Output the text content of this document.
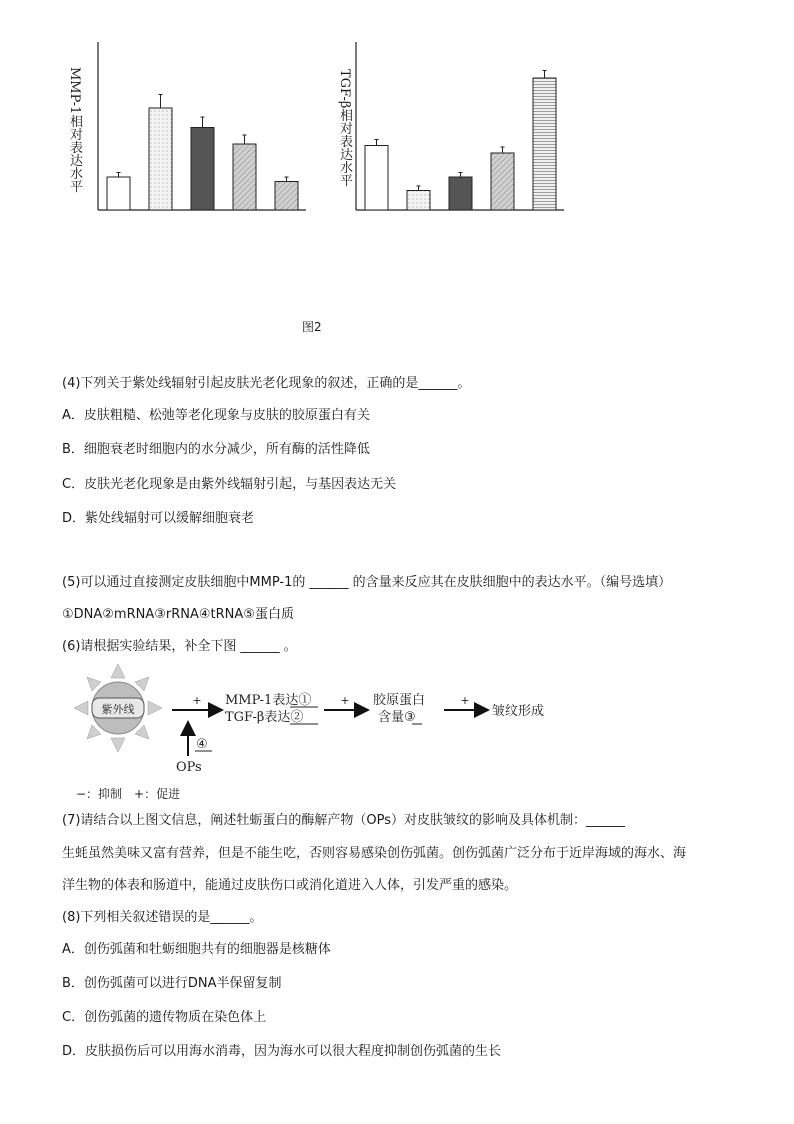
MMP-1相对表达水平	TGF-β相对表达水平
图2
(4)下列关于紫处线辐射引起皮肤光老化现象的叙述，正确的是______。
A．皮肤粗糙、松弛等老化现象与皮肤的胶原蛋白有关
B．细胞衰老时细胞内的水分减少，所有酶的活性降低
C．皮肤光老化现象是由紫外线辐射引起，与基因表达无关
D．紫处线辐射可以缓解细胞衰老
(5)可以通过直接测定皮肤细胞中MMP-1的 ______ 的含量来反应其在皮肤细胞中的表达水平。（编号选填）
①DNA②mRNA③rRNA④tRNA⑤蛋白质
(6)请根据实验结果，补全下图 ______ 。
紫外线
+ MMP-1表达①
TGF-β表达②
+ 胶原蛋白
含量③
+
皱纹形成
④
OPs
−：抑制　+：促进
(7)请结合以上图文信息，阐述牡蛎蛋白的酶解产物（OPs）对皮肤皱纹的影响及具体机制：______
生蚝虽然美味又富有营养，但是不能生吃，否则容易感染创伤弧菌。创伤弧菌广泛分布于近岸海域的海水、海
洋生物的体表和肠道中，能通过皮肤伤口或消化道进入人体，引发严重的感染。
(8)下列相关叙述错误的是______。
A．创伤弧菌和牡蛎细胞共有的细胞器是核糖体
B．创伤弧菌可以进行DNA半保留复制
C．创伤弧菌的遗传物质在染色体上
D．皮肤损伤后可以用海水消毒，因为海水可以很大程度抑制创伤弧菌的生长
